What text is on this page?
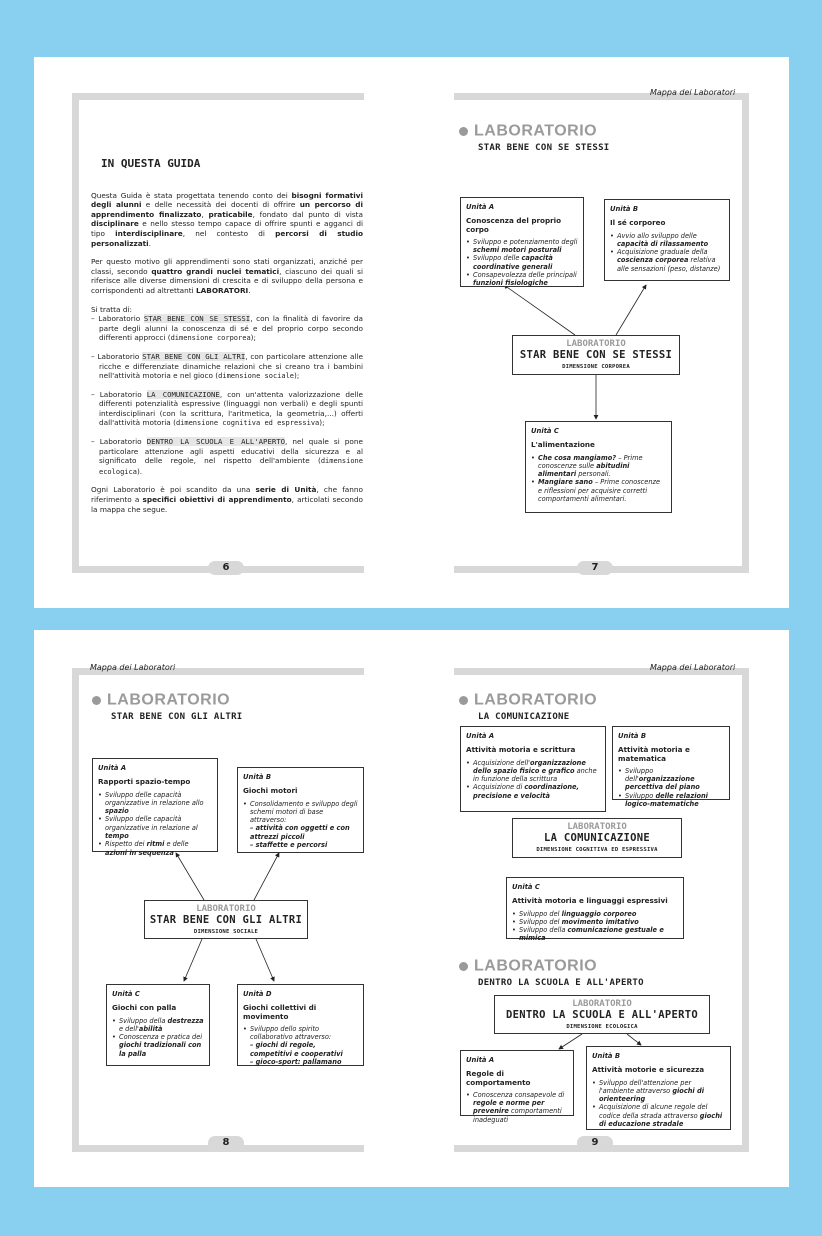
Mappa dei Laboratori
6	7
IN QUESTA GUIDA

Questa Guida è stata progettata tenendo conto dei bisogni formativi degli alunni e delle necessità dei docenti di offrire un percorso di apprendimento finalizzato, praticabile, fondato dal punto di vista disciplinare e nello stesso tempo capace di offrire spunti e agganci di tipo interdisciplinare, nel contesto di percorsi di studio personalizzati.

Per questo motivo gli apprendimenti sono stati organizzati, anziché per classi, secondo quattro grandi nuclei tematici, ciascuno dei quali si riferisce alle diverse dimensioni di crescita e di sviluppo della persona e corrispondenti ad altrettanti LABORATORI.

Si tratta di:
– Laboratorio STAR BENE CON SE STESSI, con la finalità di favorire da parte degli alunni la conoscenza di sé e del proprio corpo secondo differenti approcci (dimensione corporea);
– Laboratorio STAR BENE CON GLI ALTRI, con particolare attenzione alle ricche e differenziate dinamiche relazioni che si creano tra i bambini nell'attività motoria e nel gioco (dimensione sociale);
– Laboratorio LA COMUNICAZIONE, con un'attenta valorizzazione delle differenti potenzialità espressive (linguaggi non verbali) e degli spunti interdisciplinari (con la scrittura, l'aritmetica, la geometria,...) offerti dall'attività motoria (dimensione cognitiva ed espressiva);
– Laboratorio DENTRO LA SCUOLA E ALL'APERTO, nel quale si pone particolare attenzione agli aspetti educativi della sicurezza e al significato delle regole, nel rispetto dell'ambiente (dimensione ecologica).

Ogni Laboratorio è poi scandito da una serie di Unità, che fanno riferimento a specifici obiettivi di apprendimento, articolati secondo la mappa che segue.

LABORATORIO
STAR BENE CON SE STESSI
Unità A
Conoscenza del proprio corpo
• Sviluppo e potenziamento degli schemi motori posturali
• Sviluppo delle capacità coordinative generali
• Consapevolezza delle principali funzioni fisiologiche
Unità B
Il sé corporeo
• Avvio allo sviluppo delle capacità di rilassamento
• Acquisizione graduale della coscienza corporea relativa alle sensazioni (peso, distanze)
LABORATORIO
STAR BENE CON SE STESSI
DIMENSIONE CORPOREA
Unità C
L'alimentazione
• Che cosa mangiamo? – Prime conoscenze sulle abitudini alimentari personali.
• Mangiare sano – Prime conoscenze e riflessioni per acquisire corretti comportamenti alimentari.
Mappa dei Laboratori	Mappa dei Laboratori
8	9
LABORATORIO
STAR BENE CON GLI ALTRI
Unità A
Rapporti spazio-tempo
• Sviluppo delle capacità organizzative in relazione allo spazio
• Sviluppo delle capacità organizzative in relazione al tempo
• Rispetto dei ritmi e delle azioni in sequenza
Unità B
Giochi motori
• Consolidamento e sviluppo degli schemi motori di base attraverso:
– attività con oggetti e con attrezzi piccoli
– staffette e percorsi
LABORATORIO
STAR BENE CON GLI ALTRI
DIMENSIONE SOCIALE
Unità C
Giochi con palla
• Sviluppo della destrezza e dell'abilità
• Conoscenza e pratica dei giochi tradizionali con la palla
Unità D
Giochi collettivi di movimento
• Sviluppo dello spirito collaborativo attraverso:
– giochi di regole, competitivi e cooperativi
– gioco-sport: pallamano
LABORATORIO
LA COMUNICAZIONE
Unità A
Attività motoria e scrittura
• Acquisizione dell'organizzazione dello spazio fisico e grafico anche in funzione della scrittura
• Acquisizione di coordinazione, precisione e velocità
Unità B
Attività motoria e matematica
• Sviluppo dell'organizzazione percettiva del piano
• Sviluppo delle relazioni logico-matematiche
LABORATORIO
LA COMUNICAZIONE
DIMENSIONE COGNITIVA ED ESPRESSIVA
Unità C
Attività motoria e linguaggi espressivi
• Sviluppo del linguaggio corporeo
• Sviluppo del movimento imitativo
• Sviluppo della comunicazione gestuale e mimica
LABORATORIO
DENTRO LA SCUOLA E ALL'APERTO
LABORATORIO
DENTRO LA SCUOLA E ALL'APERTO
DIMENSIONE ECOLOGICA
Unità A
Regole di comportamento
• Conoscenza consapevole di regole e norme per prevenire comportamenti inadeguati
Unità B
Attività motorie e sicurezza
• Sviluppo dell'attenzione per l'ambiente attraverso giochi di orienteering
• Acquisizione di alcune regole del codice della strada attraverso giochi di educazione stradale
